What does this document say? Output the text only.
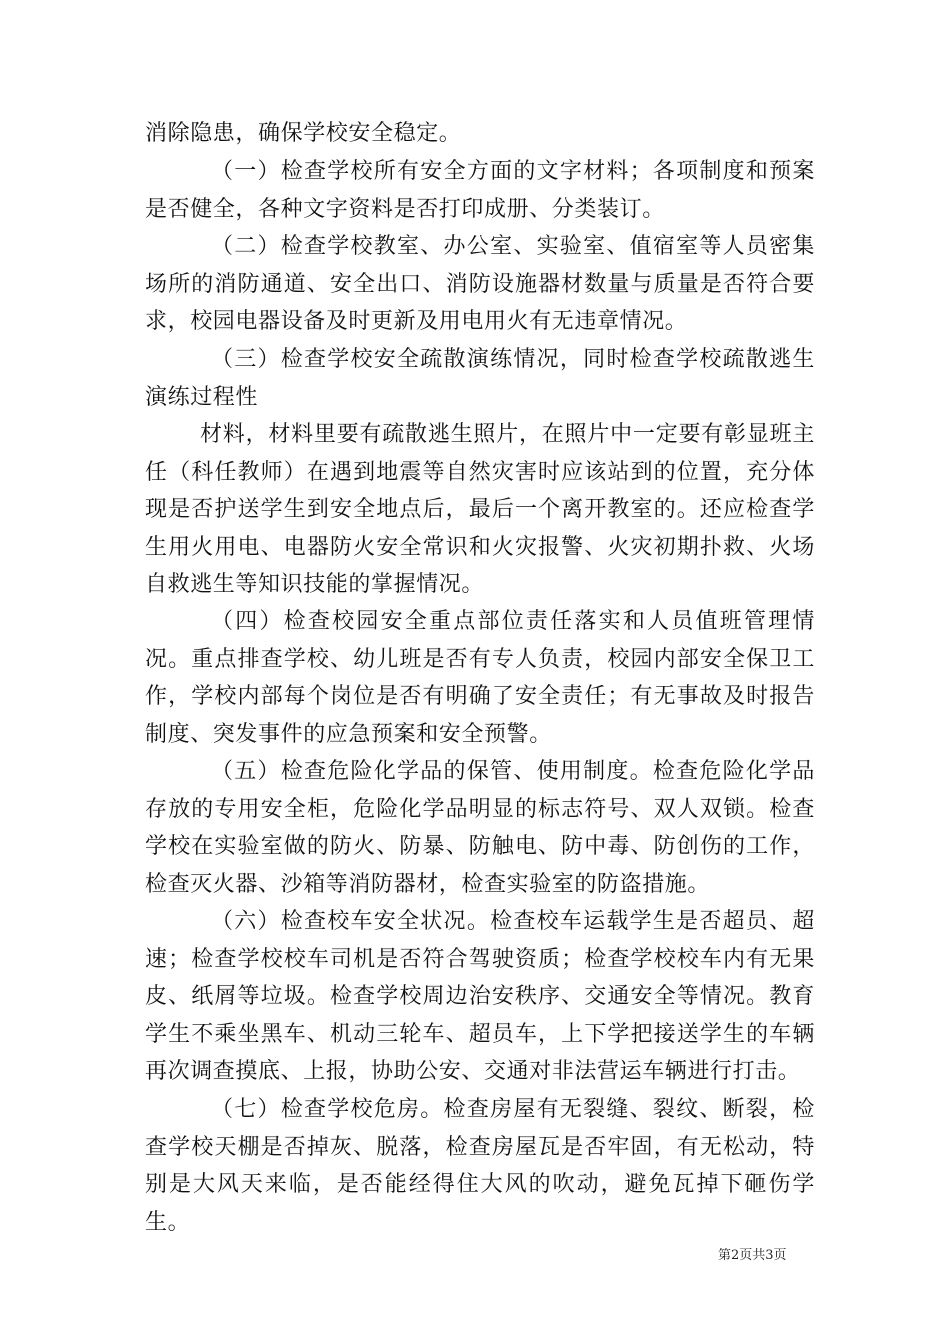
消除隐患，确保学校安全稳定。

（一）检查学校所有安全方面的文字材料；各项制度和预案是否健全，各种文字资料是否打印成册、分类装订。

（二）检查学校教室、办公室、实验室、值宿室等人员密集场所的消防通道、安全出口、消防设施器材数量与质量是否符合要求，校园电器设备及时更新及用电用火有无违章情况。

（三）检查学校安全疏散演练情况，同时检查学校疏散逃生演练过程性

材料，材料里要有疏散逃生照片，在照片中一定要有彰显班主任（科任教师）在遇到地震等自然灾害时应该站到的位置，充分体现是否护送学生到安全地点后，最后一个离开教室的。还应检查学生用火用电、电器防火安全常识和火灾报警、火灾初期扑救、火场自救逃生等知识技能的掌握情况。

（四）检查校园安全重点部位责任落实和人员值班管理情况。重点排查学校、幼儿班是否有专人负责，校园内部安全保卫工作，学校内部每个岗位是否有明确了安全责任；有无事故及时报告制度、突发事件的应急预案和安全预警。

（五）检查危险化学品的保管、使用制度。检查危险化学品存放的专用安全柜，危险化学品明显的标志符号、双人双锁。检查学校在实验室做的防火、防暴、防触电、防中毒、防创伤的工作，检查灭火器、沙箱等消防器材，检查实验室的防盗措施。

（六）检查校车安全状况。检查校车运载学生是否超员、超速；检查学校校车司机是否符合驾驶资质；检查学校校车内有无果皮、纸屑等垃圾。检查学校周边治安秩序、交通安全等情况。教育学生不乘坐黑车、机动三轮车、超员车，上下学把接送学生的车辆再次调查摸底、上报，协助公安、交通对非法营运车辆进行打击。

（七）检查学校危房。检查房屋有无裂缝、裂纹、断裂，检查学校天棚是否掉灰、脱落，检查房屋瓦是否牢固，有无松动，特别是大风天来临，是否能经得住大风的吹动，避免瓦掉下砸伤学生。

第2页共3页
